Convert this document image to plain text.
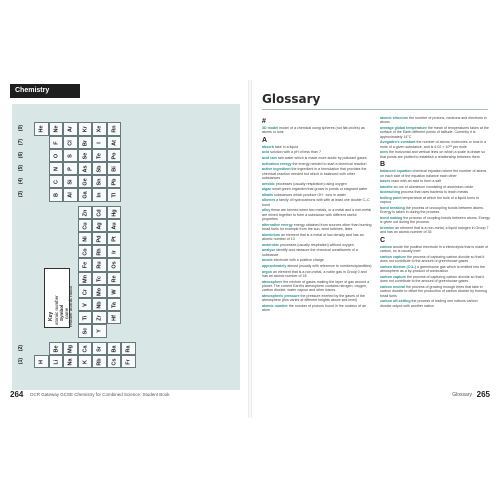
Chemistry
H
He
Li
Be
B
C
N
O
F
Ne
Na
Mg
Al
Si
P
S
Cl
Ar
K
Ca
Sc
Ti
V
Cr
Mn
Fe
Co
Ni
Cu
Zn
Ga
Ge
As
Se
Br
Kr
Rb
Sr
Y
Zr
Nb
Mo
Tc
Ru
Rh
Pd
Ag
Cd
In
Sn
Sb
Te
I
Xe
Cs
Ba
Hf
Ta
W
Re
Os
Ir
Pt
Au
Hg
Tl
Pb
Bi
Po
At
Rn
Fr
Ra
(1)
(2)
(3)
(4)
(5)
(6)
(7)
(0)
Key atomic number Symbol name relative atomic mass
264 OCR Gateway GCSE Chemistry for Combined Science: Student Book
Glossary
#
3D model model of a chemical using spheres (not flat circles) as atoms or ions
A
absorb take in a liquid
acid solution with a pH of less than 7
acid rain rain water which is made more acidic by pollutant gases
activation energy the energy needed to start a chemical reaction
active ingredient the ingredient in a formulation that provides the chemical reaction needed but which is balanced with other substances
aerobic processes (usually respiration) using oxygen
algae small green organism that grows in ponds or stagnant water
alkalis substances which produce OH⁻ ions in water
alkenes a family of hydrocarbons with with at least one double C–C bond
alloy these are formed when two metals, or a metal and a non-metal are mixed together to form a substance with different useful properties
alternative energy energy obtained from sources other than burning fossil fuels for example from the sun, wind turbines, tides
aluminium an element that is a metal of low density and has an atomic number of 13
anaerobic processes (usually respiration) without oxygen
analyse identify and measure the chemical constituents of a substance
anode electrode with a positive charge
approximately almost (usually with reference to numbers/quantities)
argon an element that is a non-metal, a noble gas in Group 0 and has an atomic number of 18
atmosphere the mixture of gases making the layer of gas around a planet. The current Earth's atmosphere contains nitrogen, oxygen, carbon dioxide, water vapour and other traces.
atmospheric pressure the pressure exerted by the gases of the atmosphere (this varies at different heights above sea level)
atomic number the number of protons found in the nucleus of an atom
atomic structure the number of protons, neutrons and electrons in atoms
average global temperature the mean of temperatures taken at the surface of the Earth different points of latitude. Currently it is approximately 14°C
Avogadro's constant the number of atoms, molecules or ions in a mole of a given substance, and is 6.02 × 10²³ per mole
axes the horizontal and vertical lines on which a scale is drawn so that points are plotted to establish a relationship between them
B
balanced equation chemical equation where the number of atoms on each side of the equation balance each other
bases react with an acid to form a salt
bauxite an ore of aluminium consisting of aluminium oxide
bioleaching process that uses bacteria to leach metals
boiling point temperature at which the bulk of a liquid turns to vapour
bond breaking the process of uncoupling bonds between atoms. Energy is taken in during the process.
bond making the process of coupling bonds between atoms. Energy is given out during the process.
bromine an element that is a non-metal, a liquid halogen in Group 7 and has an atomic number of 35
C
carbon anode the positive electrode in a electrolysis that is made of carbon, so is usually inert
carbon capture the process of capturing carbon dioxide so that it does not contribute to the amount of greenhouse gases
carbon dioxide (CO₂) a greenhouse gas which is emitted into the atmosphere as a by-product of combustion
carbon capture the process of capturing carbon dioxide so that it does not contribute to the amount of greenhouse gases
carbon neutral the process of growing enough trees that take in carbon dioxide to offset the production of carbon dioxide by burning fossil fuels
carbon off-setting the process of trading one nations carbon dioxide output with another nation
Glossary 265
